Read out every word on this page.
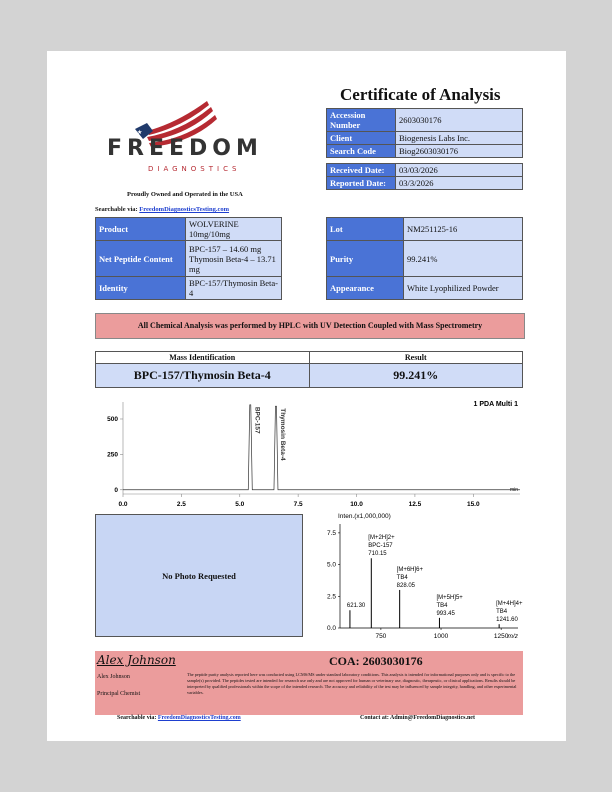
★
FREEDOM
DIAGNOSTICS
Proudly Owned and Operated in the USA
Searchable via: FreedomDiagnosticsTesting.com
Certificate of Analysis
Accession Number	2603030176
Client	Biogenesis Labs Inc.
Search Code	Biog2603030176
Received Date:	03/03/2026
Reported Date:	03/3/2026
Product	WOLVERINE
10mg/10mg
Net Peptide Content	BPC-157 – 14.60 mg
Thymosin Beta-4 – 13.71 mg
Identity	BPC-157/Thymosin Beta-4
Lot	NM251125-16
Purity	99.241%
Appearance	White Lyophilized Powder
All Chemical Analysis was performed by HPLC with UV Detection Coupled with Mass Spectrometry
Mass Identification	Result
BPC-157/Thymosin Beta-4	99.241%
1 PDA Multi 1
min
0.0	2.5	5.0	7.5	10.0	12.5	15.0
0
250
500	BPC-157	Thymosin Beta-4
No Photo Requested
Inten.(x1,000,000)
m/z
750	1000	1250
0.0
2.5
5.0
7.5
621.30
[M+2H]2+
BPC-157
710.15
[M+6H]6+
TB4
828.05
[M+5H]5+
TB4
993.45
[M+4H]4+
TB4
1241.60
Alex Johnson	COA: 2603030176
Alex Johnson
Principal Chemist
The peptide purity analysis reported here was conducted using LCMS/MS under standard laboratory conditions. This analysis is intended for informational purposes only and is specific to the sample(s) provided. The peptides tested are intended for research use only and are not approved for human or veterinary use, diagnostic, therapeutic, or clinical applications. Results should be interpreted by qualified professionals within the scope of the intended research. The accuracy and reliability of the test may be influenced by sample integrity, handling, and other experimental variables.
Searchable via: FreedomDiagnosticsTesting.com	Contact at: Admin@FreedomDiagnostics.net
